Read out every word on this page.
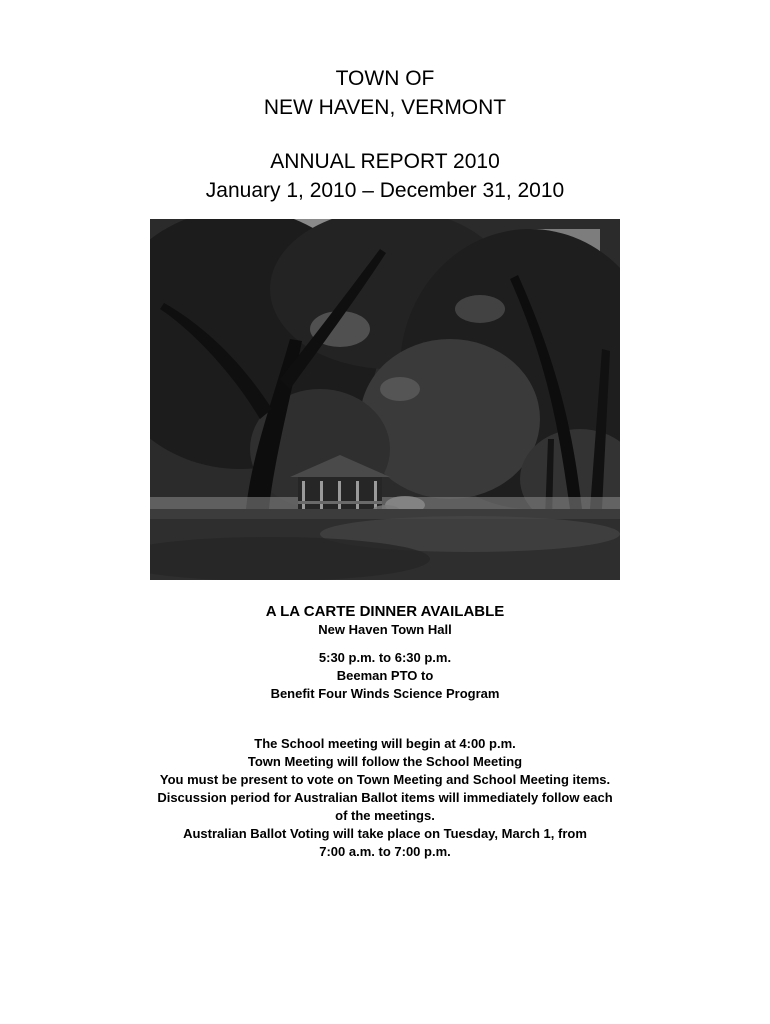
TOWN OF
NEW HAVEN, VERMONT
ANNUAL REPORT 2010
January 1, 2010 – December 31, 2010
A LA CARTE DINNER AVAILABLE
New Haven Town Hall
5:30 p.m. to 6:30 p.m.
Beeman PTO to
Benefit Four Winds Science Program
The School meeting will begin at 4:00 p.m.
Town Meeting will follow the School Meeting
You must be present to vote on Town Meeting and School Meeting items.
Discussion period for Australian Ballot items will immediately follow each
of the meetings.
Australian Ballot Voting will take place on Tuesday, March 1, from
7:00 a.m. to 7:00 p.m.
